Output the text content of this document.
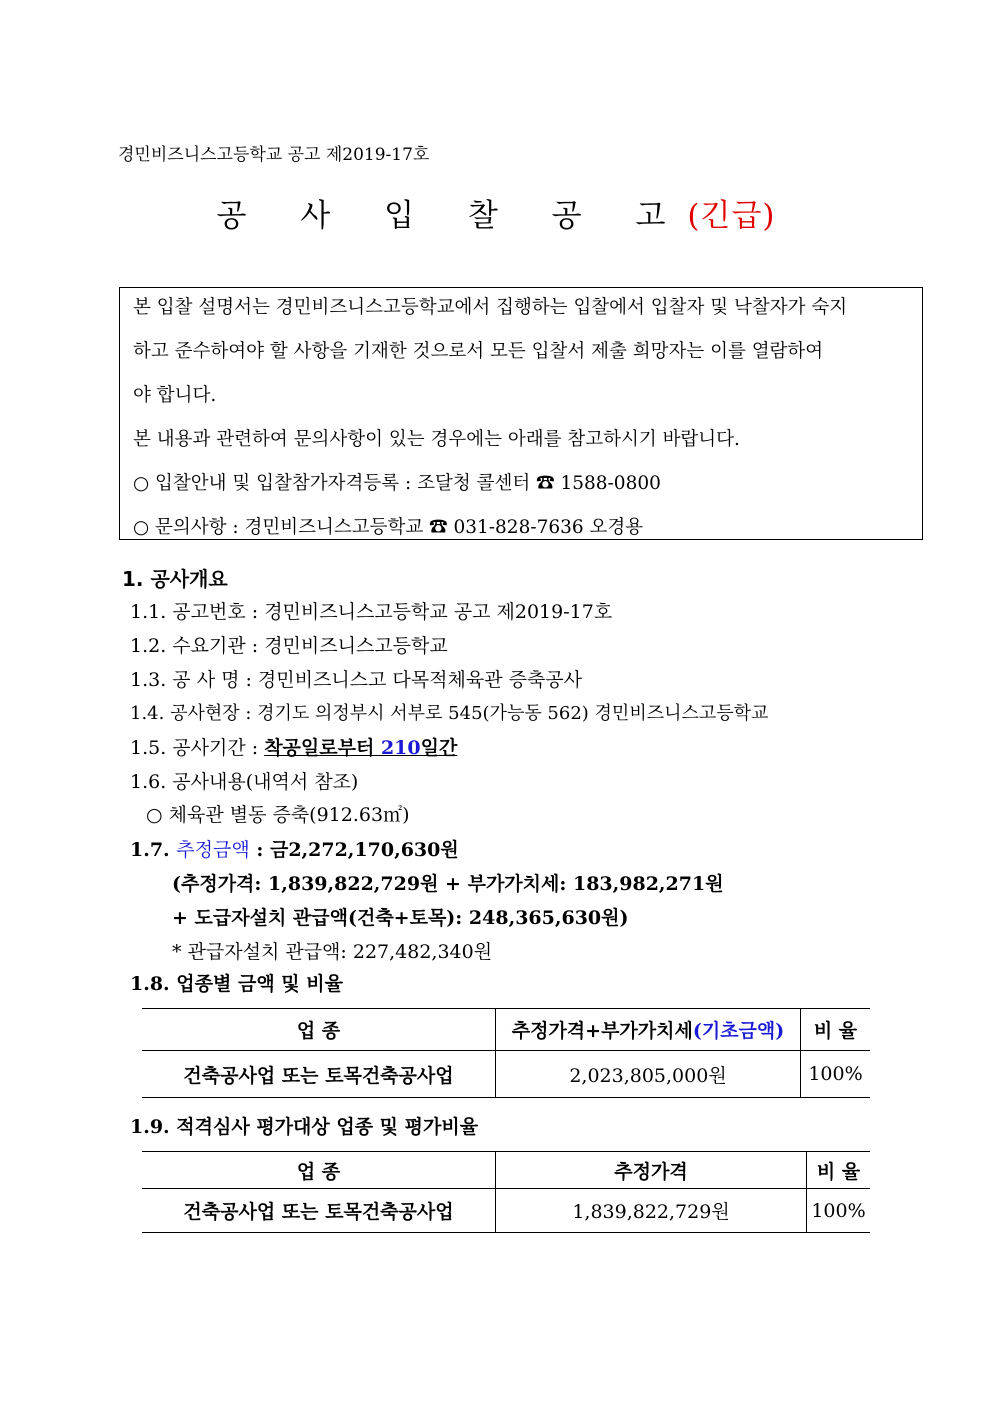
경민비즈니스고등학교 공고 제2019-17호
공 사 입 찰 공 고(긴급)
본 입찰 설명서는 경민비즈니스고등학교에서 집행하는 입찰에서 입찰자 및 낙찰자가 숙지
하고 준수하여야 할 사항을 기재한 것으로서 모든 입찰서 제출 희망자는 이를 열람하여
야 합니다.
본 내용과 관련하여 문의사항이 있는 경우에는 아래를 참고하시기 바랍니다.
○ 입찰안내 및 입찰참가자격등록 : 조달청 콜센터 ☎ 1588-0800
○ 문의사항 : 경민비즈니스고등학교 ☎ 031-828-7636 오경용
1. 공사개요
1.1. 공고번호 : 경민비즈니스고등학교 공고 제2019-17호
1.2. 수요기관 : 경민비즈니스고등학교
1.3. 공 사 명 : 경민비즈니스고 다목적체육관 증축공사
1.4. 공사현장 : 경기도 의정부시 서부로 545(가능동 562) 경민비즈니스고등학교
1.5. 공사기간 : 착공일로부터 210일간
1.6. 공사내용(내역서 참조)
○ 체육관 별동 증축(912.63㎡)
1.7. 추정금액 : 금2,272,170,630원
(추정가격: 1,839,822,729원 + 부가가치세: 183,982,271원
+ 도급자설치 관급액(건축+토목): 248,365,630원)
* 관급자설치 관급액: 227,482,340원
1.8. 업종별 금액 및 비율
업 종	추정가격+부가가치세(기초금액)	비 율
건축공사업 또는 토목건축공사업	2,023,805,000원	100%
1.9. 적격심사 평가대상 업종 및 평가비율
업 종	추정가격	비 율
건축공사업 또는 토목건축공사업	1,839,822,729원	100%
